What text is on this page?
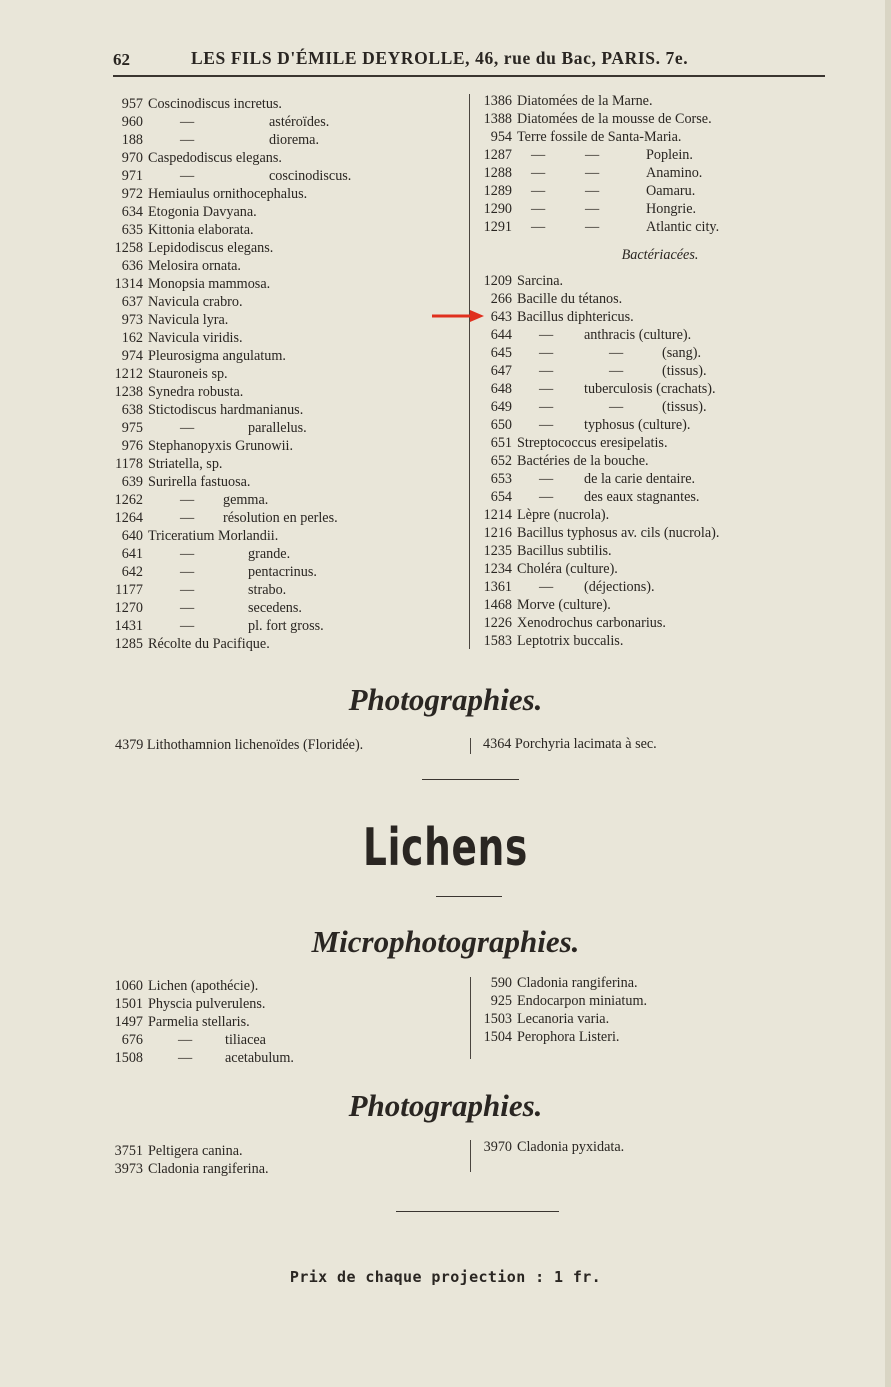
62	LES FILS D'ÉMILE DEYROLLE, 46, rue du Bac, PARIS. 7e.
957 Coscinodiscus incretus.
960	—	astéroïdes.
188	—	diorema.
970 Caspedodiscus elegans.
971	—	coscinodiscus.
972 Hemiaulus ornithocephalus.
634 Etogonia Davyana.
635 Kittonia elaborata.
1258 Lepidodiscus elegans.
636 Melosira ornata.
1314 Monopsia mammosa.
637 Navicula crabro.
973 Navicula lyra.
162 Navicula viridis.
974 Pleurosigma angulatum.
1212 Stauroneis sp.
1238 Synedra robusta.
638 Stictodiscus hardmanianus.
975	—	parallelus.
976 Stephanopyxis Grunowii.
1178 Striatella, sp.
639 Surirella fastuosa.
1262	— gemma.
1264	— résolution en perles.
640 Triceratium Morlandii.
641	—	grande.
642	—	pentacrinus.
1177	—	strabo.
1270	—	secedens.
1431	—	pl. fort gross.
1285 Récolte du Pacifique.
1386 Diatomées de la Marne.
1388 Diatomées de la mousse de Corse.
954 Terre fossile de Santa-Maria.
1287 —	—	Poplein.
1288 —	—	Anamino.
1289 —	—	Oamaru.
1290 —	—	Hongrie.
1291 —	—	Atlantic city.
Bactériacées.
1209 Sarcina.
266 Bacille du tétanos.
643 Bacillus diphtericus.
644 — anthracis (culture).
645 —	—	(sang).
647 —	—	(tissus).
648 — tuberculosis (crachats).
649 —	—	(tissus).
650 — typhosus (culture).
651 Streptococcus eresipelatis.
652 Bactéries de la bouche.
653 — de la carie dentaire.
654 — des eaux stagnantes.
1214 Lèpre (nucrola).
1216 Bacillus typhosus av. cils (nucrola).
1235 Bacillus subtilis.
1234 Choléra (culture).
1361 — (déjections).
1468 Morve (culture).
1226 Xenodrochus carbonarius.
1583 Leptotrix buccalis.
Photographies.
4379 Lithothamnion lichenoïdes (Floridée).	4364 Porchyria lacimata à sec.
Lichens
Microphotographies.
1060 Lichen (apothécie).
1501 Physcia pulverulens.
1497 Parmelia stellaris.
676 — tiliacea
1508 — acetabulum.
590 Cladonia rangiferina.
925 Endocarpon miniatum.
1503 Lecanoria varia.
1504 Perophora Listeri.
Photographies.
3751 Peltigera canina.
3973 Cladonia rangiferina.
3970 Cladonia pyxidata.
Prix de chaque projection : 1 fr.
